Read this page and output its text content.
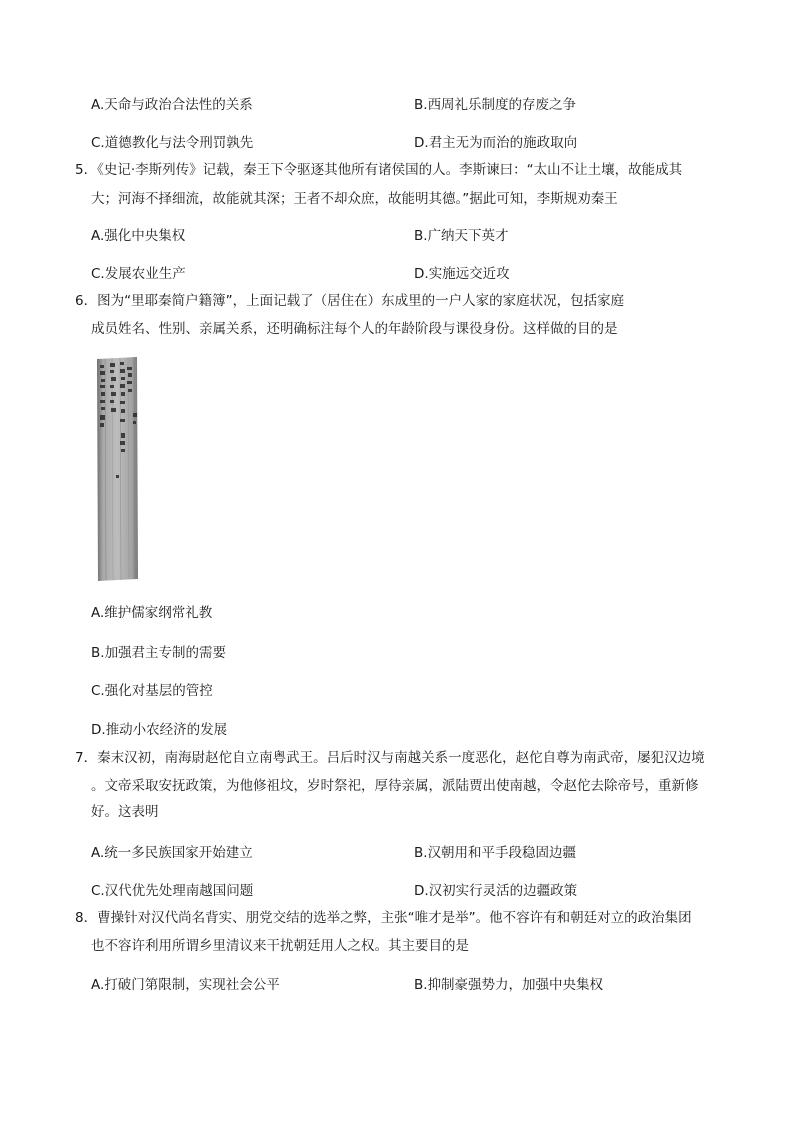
A.天命与政治合法性的关系	B.西周礼乐制度的存废之争
C.道德教化与法令刑罚孰先	D.君主无为而治的施政取向
5．《史记·李斯列传》记载，秦王下令驱逐其他所有诸侯国的人。李斯谏曰：“太山不让土壤，故能成其
大；河海不择细流，故能就其深；王者不却众庶，故能明其德。”据此可知，李斯规劝秦王
A.强化中央集权	B.广纳天下英才
C.发展农业生产	D.实施远交近攻
6．图为“里耶秦简户籍簿”，上面记载了（居住在）东成里的一户人家的家庭状况，包括家庭
成员姓名、性别、亲属关系，还明确标注每个人的年龄阶段与课役身份。这样做的目的是
A.维护儒家纲常礼教
B.加强君主专制的需要
C.强化对基层的管控
D.推动小农经济的发展
7．秦末汉初，南海尉赵佗自立南粤武王。吕后时汉与南越关系一度恶化，赵佗自尊为南武帝，屡犯汉边境
。文帝采取安抚政策，为他修祖坟，岁时祭祀，厚待亲属，派陆贾出使南越，令赵佗去除帝号，重新修
好。这表明
A.统一多民族国家开始建立	B.汉朝用和平手段稳固边疆
C.汉代优先处理南越国问题	D.汉初实行灵活的边疆政策
8．曹操针对汉代尚名背实、朋党交结的选举之弊，主张“唯才是举”。他不容许有和朝廷对立的政治集团
也不容许利用所谓乡里清议来干扰朝廷用人之权。其主要目的是
A.打破门第限制，实现社会公平	B.抑制豪强势力，加强中央集权
